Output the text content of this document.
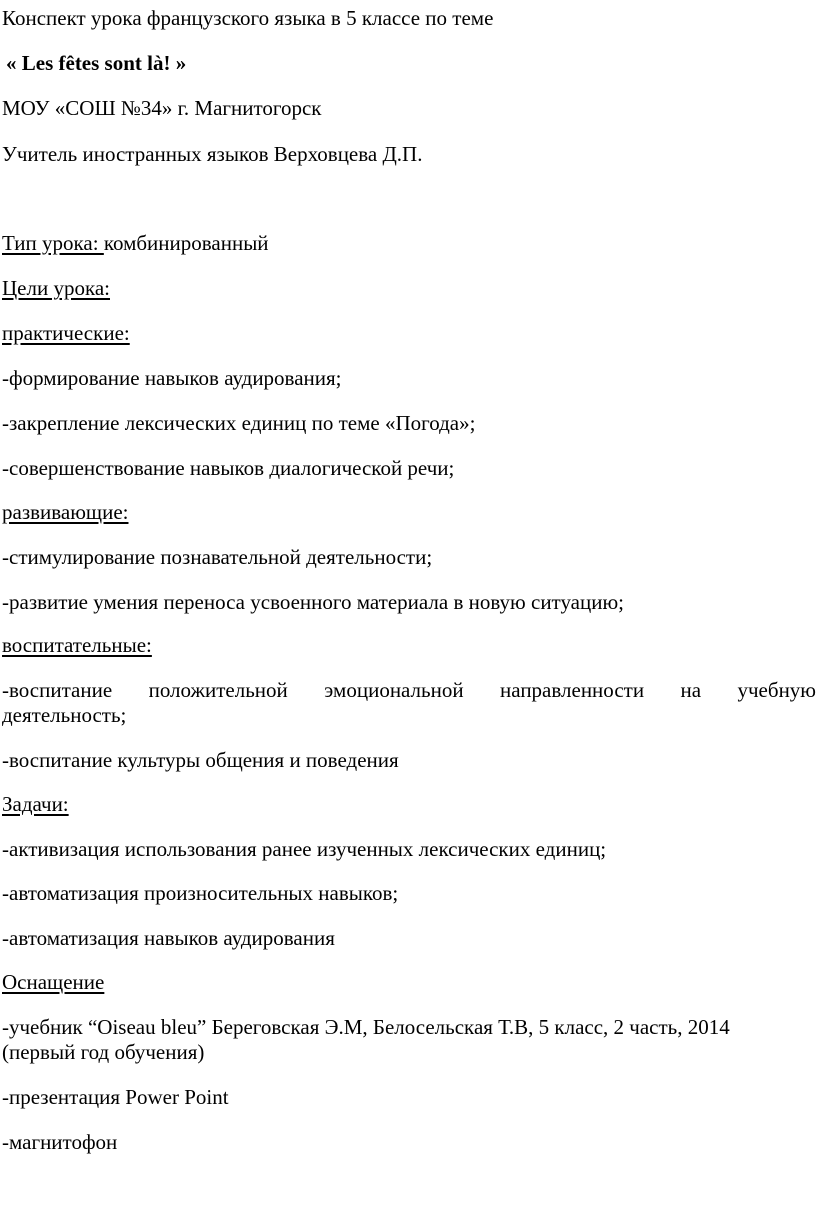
Конспект урока французского языка в 5 классе по теме
« Les fêtes sont là! »
МОУ «СОШ №34» г. Магнитогорск
Учитель иностранных языков Верховцева Д.П.
Тип урока: комбинированный
Цели урока:
практические:
-формирование навыков аудирования;
-закрепление лексических единиц по теме «Погода»;
-совершенствование навыков диалогической речи;
развивающие:
-стимулирование познавательной деятельности;
-развитие умения переноса усвоенного материала в новую ситуацию;
воспитательные:
-воспитание положительной эмоциональной направленности на учебную
деятельность;
-воспитание культуры общения и поведения
Задачи:
-активизация использования ранее изученных лексических единиц;
-автоматизация произносительных навыков;
-автоматизация навыков аудирования
Оснащение
-учебник “Oiseau bleu” Береговская Э.М, Белосельская Т.В, 5 класс, 2 часть, 2014
(первый год обучения)
-презентация Power Point
-магнитофон
